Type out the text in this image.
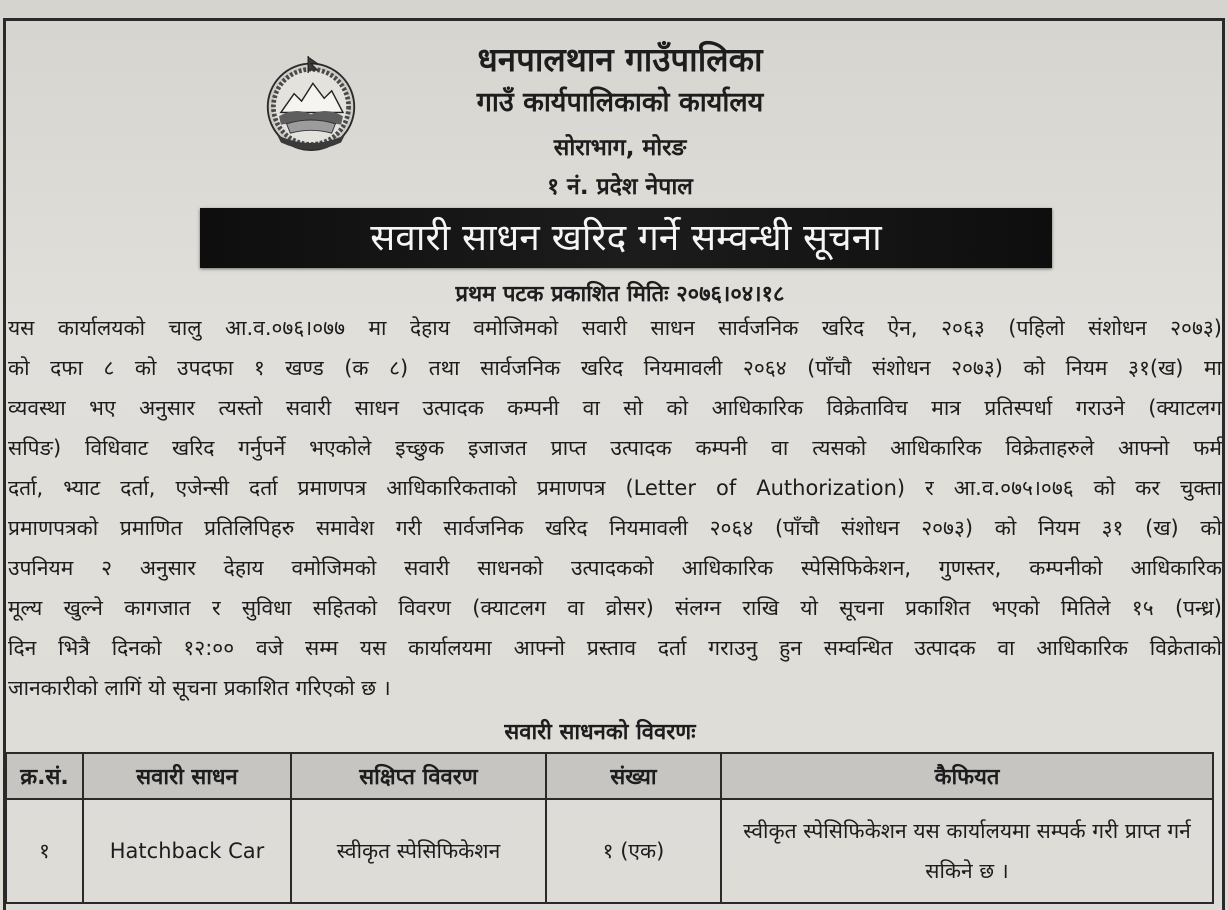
धनपालथान गाउँपालिका
गाउँ कार्यपालिकाको कार्यालय
सोराभाग, मोरङ
१ नं. प्रदेश नेपाल
सवारी साधन खरिद गर्ने सम्वन्धी सूचना
प्रथम पटक प्रकाशित मितिः २०७६।०४।१८
यस कार्यालयको चालु आ.व.०७६।०७७ मा देहाय वमोजिमको सवारी साधन सार्वजनिक खरिद ऐन, २०६३ (पहिलो संशोधन २०७३)
को दफा ८ को उपदफा १ खण्ड (क ८) तथा सार्वजनिक खरिद नियमावली २०६४ (पाँचौ संशोधन २०७३) को नियम ३१(ख) मा
व्यवस्था भए अनुसार त्यस्तो सवारी साधन उत्पादक कम्पनी वा सो को आधिकारिक विक्रेताविच मात्र प्रतिस्पर्धा गराउने (क्याटलग
सपिङ) विधिवाट खरिद गर्नुपर्ने भएकोले इच्छुक इजाजत प्राप्त उत्पादक कम्पनी वा त्यसको आधिकारिक विक्रेताहरुले आफ्नो फर्म
दर्ता, भ्याट दर्ता, एजेन्सी दर्ता प्रमाणपत्र आधिकारिकताको प्रमाणपत्र (Letter of Authorization) र आ.व.०७५।०७६ को कर चुक्ता
प्रमाणपत्रको प्रमाणित प्रतिलिपिहरु समावेश गरी सार्वजनिक खरिद नियमावली २०६४ (पाँचौ संशोधन २०७३) को नियम ३१ (ख) को
उपनियम २ अनुसार देहाय वमोजिमको सवारी साधनको उत्पादकको आधिकारिक स्पेसिफिकेशन, गुणस्तर, कम्पनीको आधिकारिक
मूल्य खुल्ने कागजात र सुविधा सहितको विवरण (क्याटलग वा व्रोसर) संलग्न राखि यो सूचना प्रकाशित भएको मितिले १५ (पन्ध्र)
दिन भित्रै दिनको १२:०० वजे सम्म यस कार्यालयमा आफ्नो प्रस्ताव दर्ता गराउनु हुन सम्वन्धित उत्पादक वा आधिकारिक विक्रेताको
जानकारीको लागिं यो सूचना प्रकाशित गरिएको छ ।
सवारी साधनको विवरणः
क्र.सं.	सवारी साधन	सक्षिप्त विवरण	संख्या	कैफियत
१	Hatchback Car	स्वीकृत स्पेसिफिकेशन	१ (एक)	स्वीकृत स्पेसिफिकेशन यस कार्यालयमा सम्पर्क गरी प्राप्त गर्न सकिने छ ।
